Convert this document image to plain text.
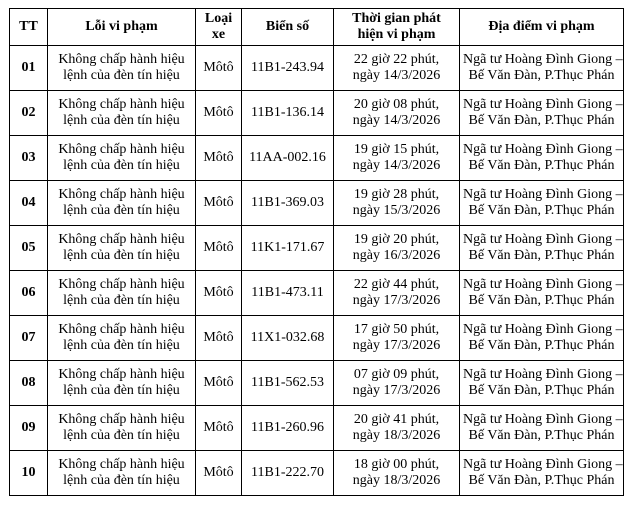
TT	Lỗi vi phạm	Loại
xe	Biển số	Thời gian phát
hiện vi phạm	Địa điểm vi phạm

01	Không chấp hành hiệu
lệnh của đèn tín hiệu	Môtô	11B1-243.94	22 giờ 22 phút,
ngày 14/3/2026	Ngã tư Hoàng Đình Giong –
Bế Văn Đàn, P.Thục Phán

02	Không chấp hành hiệu
lệnh của đèn tín hiệu	Môtô	11B1-136.14	20 giờ 08 phút,
ngày 14/3/2026	Ngã tư Hoàng Đình Giong –
Bế Văn Đàn, P.Thục Phán

03	Không chấp hành hiệu
lệnh của đèn tín hiệu	Môtô	11AA-002.16	19 giờ 15 phút,
ngày 14/3/2026	Ngã tư Hoàng Đình Giong –
Bế Văn Đàn, P.Thục Phán

04	Không chấp hành hiệu
lệnh của đèn tín hiệu	Môtô	11B1-369.03	19 giờ 28 phút,
ngày 15/3/2026	Ngã tư Hoàng Đình Giong –
Bế Văn Đàn, P.Thục Phán

05	Không chấp hành hiệu
lệnh của đèn tín hiệu	Môtô	11K1-171.67	19 giờ 20 phút,
ngày 16/3/2026	Ngã tư Hoàng Đình Giong –
Bế Văn Đàn, P.Thục Phán

06	Không chấp hành hiệu
lệnh của đèn tín hiệu	Môtô	11B1-473.11	22 giờ 44 phút,
ngày 17/3/2026	Ngã tư Hoàng Đình Giong –
Bế Văn Đàn, P.Thục Phán

07	Không chấp hành hiệu
lệnh của đèn tín hiệu	Môtô	11X1-032.68	17 giờ 50 phút,
ngày 17/3/2026	Ngã tư Hoàng Đình Giong –
Bế Văn Đàn, P.Thục Phán

08	Không chấp hành hiệu
lệnh của đèn tín hiệu	Môtô	11B1-562.53	07 giờ 09 phút,
ngày 17/3/2026	Ngã tư Hoàng Đình Giong –
Bế Văn Đàn, P.Thục Phán

09	Không chấp hành hiệu
lệnh của đèn tín hiệu	Môtô	11B1-260.96	20 giờ 41 phút,
ngày 18/3/2026	Ngã tư Hoàng Đình Giong –
Bế Văn Đàn, P.Thục Phán

10	Không chấp hành hiệu
lệnh của đèn tín hiệu	Môtô	11B1-222.70	18 giờ 00 phút,
ngày 18/3/2026	Ngã tư Hoàng Đình Giong –
Bế Văn Đàn, P.Thục Phán
